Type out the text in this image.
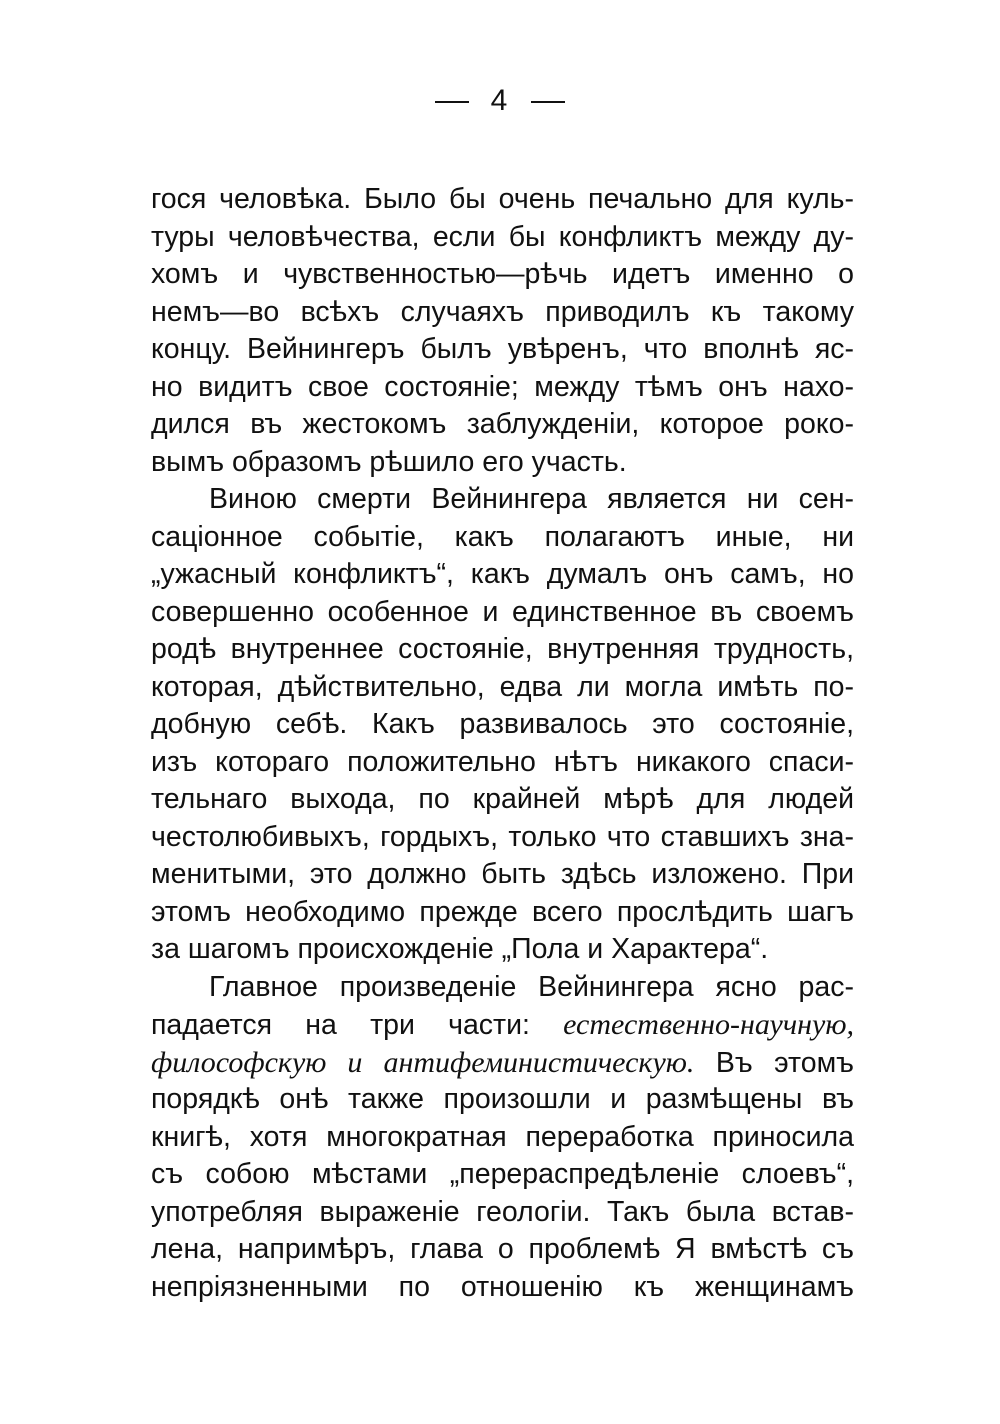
4
гося человѣка. Было бы очень печально для куль-
туры человѣчества, если бы конфликтъ между ду-
хомъ и чувственностью—рѣчь идетъ именно о
немъ—во всѣхъ случаяхъ приводилъ къ такому
концу. Вейнингеръ былъ увѣренъ, что вполнѣ яс-
но видитъ свое состоянiе; между тѣмъ онъ нахо-
дился въ жестокомъ заблужденiи, которое роко-
вымъ образомъ рѣшило его участь.
Виною смерти Вейнингера является ни сен-
сацiонное событiе, какъ полагаютъ иные, ни
„ужасный конфликтъ“, какъ думалъ онъ самъ, но
совершенно особенное и единственное въ своемъ
родѣ внутреннее состоянiе, внутренняя трудность,
которая, дѣйствительно, едва ли могла имѣть по-
добную себѣ. Какъ развивалось это состоянiе,
изъ котораго положительно нѣтъ никакого спаси-
тельнаго выхода, по крайней мѣрѣ для людей
честолюбивыхъ, гордыхъ, только что ставшихъ зна-
менитыми, это должно быть здѣсь изложено. При
этомъ необходимо прежде всего прослѣдить шагъ
за шагомъ происхожденiе „Пола и Характера“.
Главное произведенiе Вейнингера ясно рас-
падается на три части: естественно-научную,
философскую и антифеминистическую. Въ этомъ
порядкѣ онѣ также произошли и размѣщены въ
книгѣ, хотя многократная переработка приносила
съ собою мѣстами „перераспредѣленiе слоевъ“,
употребляя выраженiе геологiи. Такъ была встав-
лена, напримѣръ, глава о проблемѣ Я вмѣстѣ съ
непрiязненными по отношенiю къ женщинамъ
